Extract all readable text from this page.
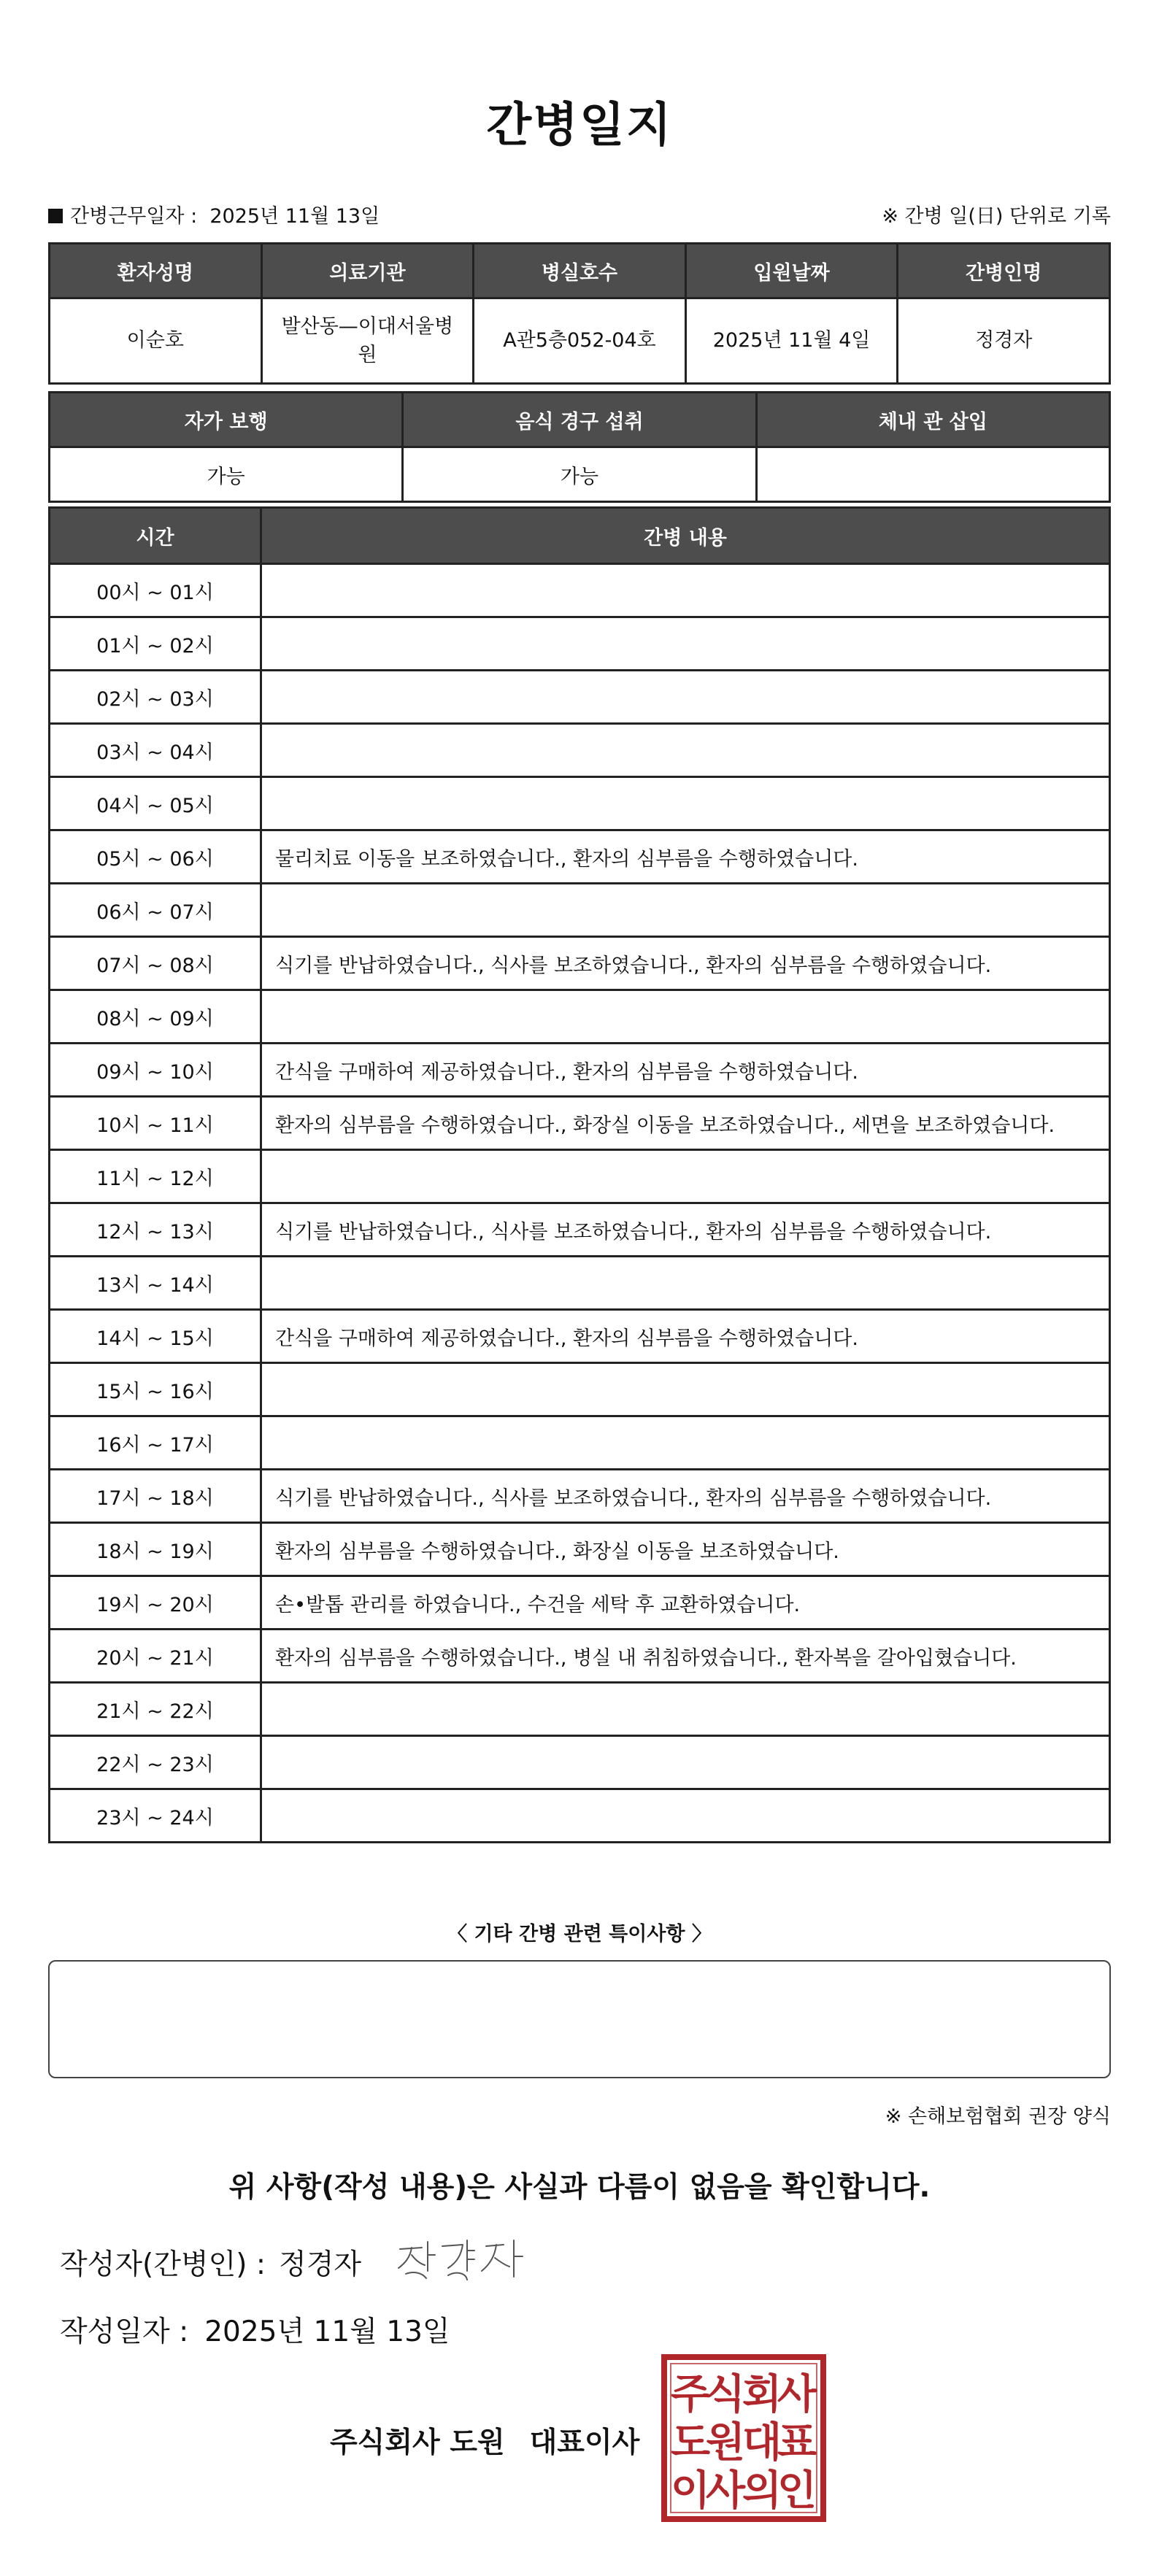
간병일지
간병근무일자 : 2025년 11월 13일	※ 간병 일(日) 단위로 기록
환자성명	의료기관	병실호수	입원날짜	간병인명
이순호	발산동—이대서울병원	A관5층052-04호	2025년 11월 4일	정경자
자가 보행	음식 경구 섭취	체내 관 삽입
가능	가능	
시간	간병 내용
00시 ~ 01시	
01시 ~ 02시	
02시 ~ 03시	
03시 ~ 04시	
04시 ~ 05시	
05시 ~ 06시	물리치료 이동을 보조하였습니다., 환자의 심부름을 수행하였습니다.
06시 ~ 07시	
07시 ~ 08시	식기를 반납하였습니다., 식사를 보조하였습니다., 환자의 심부름을 수행하였습니다.
08시 ~ 09시	
09시 ~ 10시	간식을 구매하여 제공하였습니다., 환자의 심부름을 수행하였습니다.
10시 ~ 11시	환자의 심부름을 수행하였습니다., 화장실 이동을 보조하였습니다., 세면을 보조하였습니다.
11시 ~ 12시	
12시 ~ 13시	식기를 반납하였습니다., 식사를 보조하였습니다., 환자의 심부름을 수행하였습니다.
13시 ~ 14시	
14시 ~ 15시	간식을 구매하여 제공하였습니다., 환자의 심부름을 수행하였습니다.
15시 ~ 16시	
16시 ~ 17시	
17시 ~ 18시	식기를 반납하였습니다., 식사를 보조하였습니다., 환자의 심부름을 수행하였습니다.
18시 ~ 19시	환자의 심부름을 수행하였습니다., 화장실 이동을 보조하였습니다.
19시 ~ 20시	손•발톱 관리를 하였습니다., 수건을 세탁 후 교환하였습니다.
20시 ~ 21시	환자의 심부름을 수행하였습니다., 병실 내 취침하였습니다., 환자복을 갈아입혔습니다.
21시 ~ 22시	
22시 ~ 23시	
23시 ~ 24시	
〈 기타 간병 관련 특이사항 〉
※ 손해보험협회 권장 양식
위 사항(작성 내용)은 사실과 다름이 없음을 확인합니다.
작성자(간병인) : 정경자
작성일자 : 2025년 11월 13일
주식회사 도원 대표이사
주
식
회
사
도
원
대
표
이
사
의
인
